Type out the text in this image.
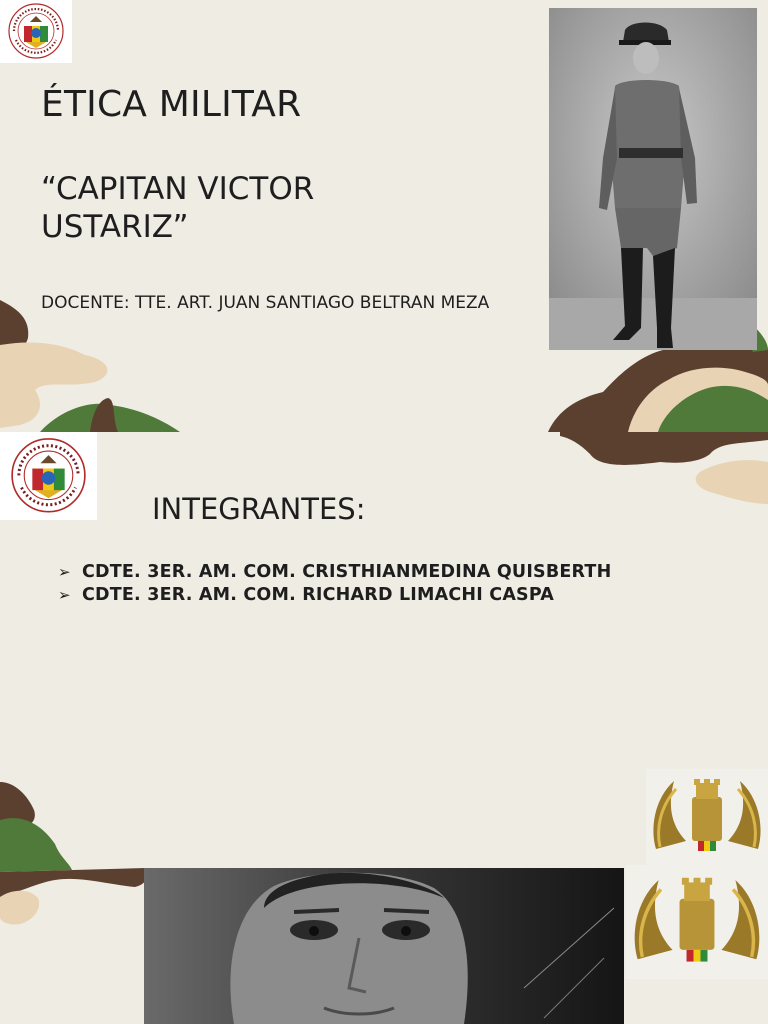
ÉTICA MILITAR
“CAPITAN VICTOR USTARIZ”

DOCENTE: TTE. ART. JUAN SANTIAGO BELTRAN MEZA

INTEGRANTES:
➢ CDTE. 3ER. AM. COM. CRISTHIANMEDINA QUISBERTH
➢ CDTE. 3ER. AM. COM. RICHARD LIMACHI CASPA
